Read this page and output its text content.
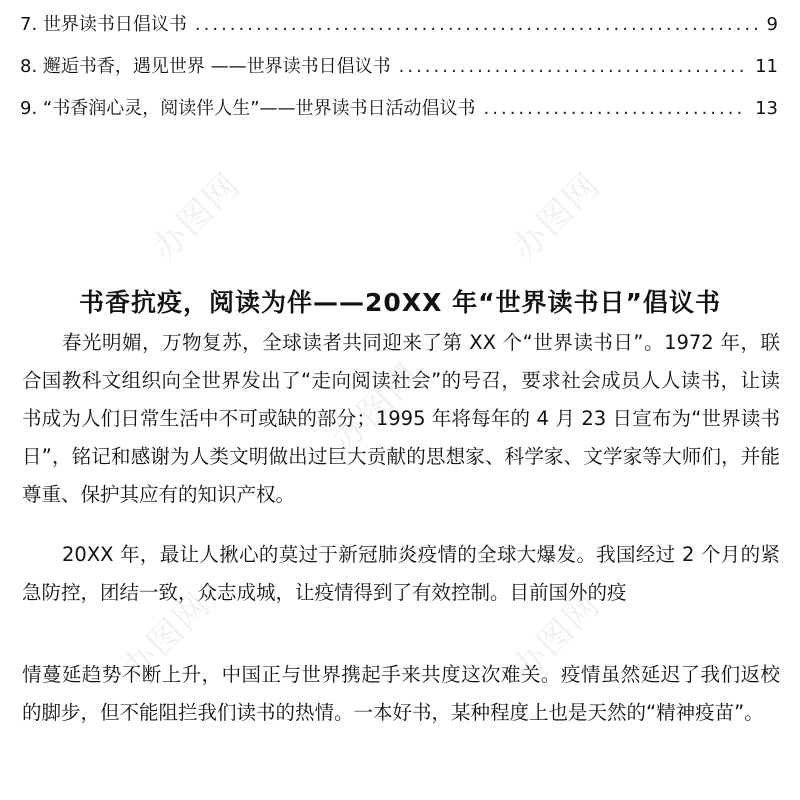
办图网	办图网
办图网
办图网	办图网
7. 世界读书日倡议书 .....	9
8. 邂逅书香，遇见世界 ——世界读书日倡议书 .....	11
9. “书香润心灵，阅读伴人生”——世界读书日活动倡议书 .....	13
书香抗疫，阅读为伴——20XX 年“世界读书日”倡议书

春光明媚，万物复苏，全球读者共同迎来了第 XX 个“世界读书日”。1972 年，联合国教科文组织向全世界发出了“走向阅读社会”的号召，要求社会成员人人读书，让读书成为人们日常生活中不可或缺的部分；1995 年将每年的 4 月 23 日宣布为“世界读书日”，铭记和感谢为人类文明做出过巨大贡献的思想家、科学家、文学家等大师们，并能尊重、保护其应有的知识产权。

20XX 年，最让人揪心的莫过于新冠肺炎疫情的全球大爆发。我国经过 2 个月的紧急防控，团结一致，众志成城，让疫情得到了有效控制。目前国外的疫

情蔓延趋势不断上升，中国正与世界携起手来共度这次难关。疫情虽然延迟了我们返校的脚步，但不能阻拦我们读书的热情。一本好书，某种程度上也是天然的“精神疫苗”。
